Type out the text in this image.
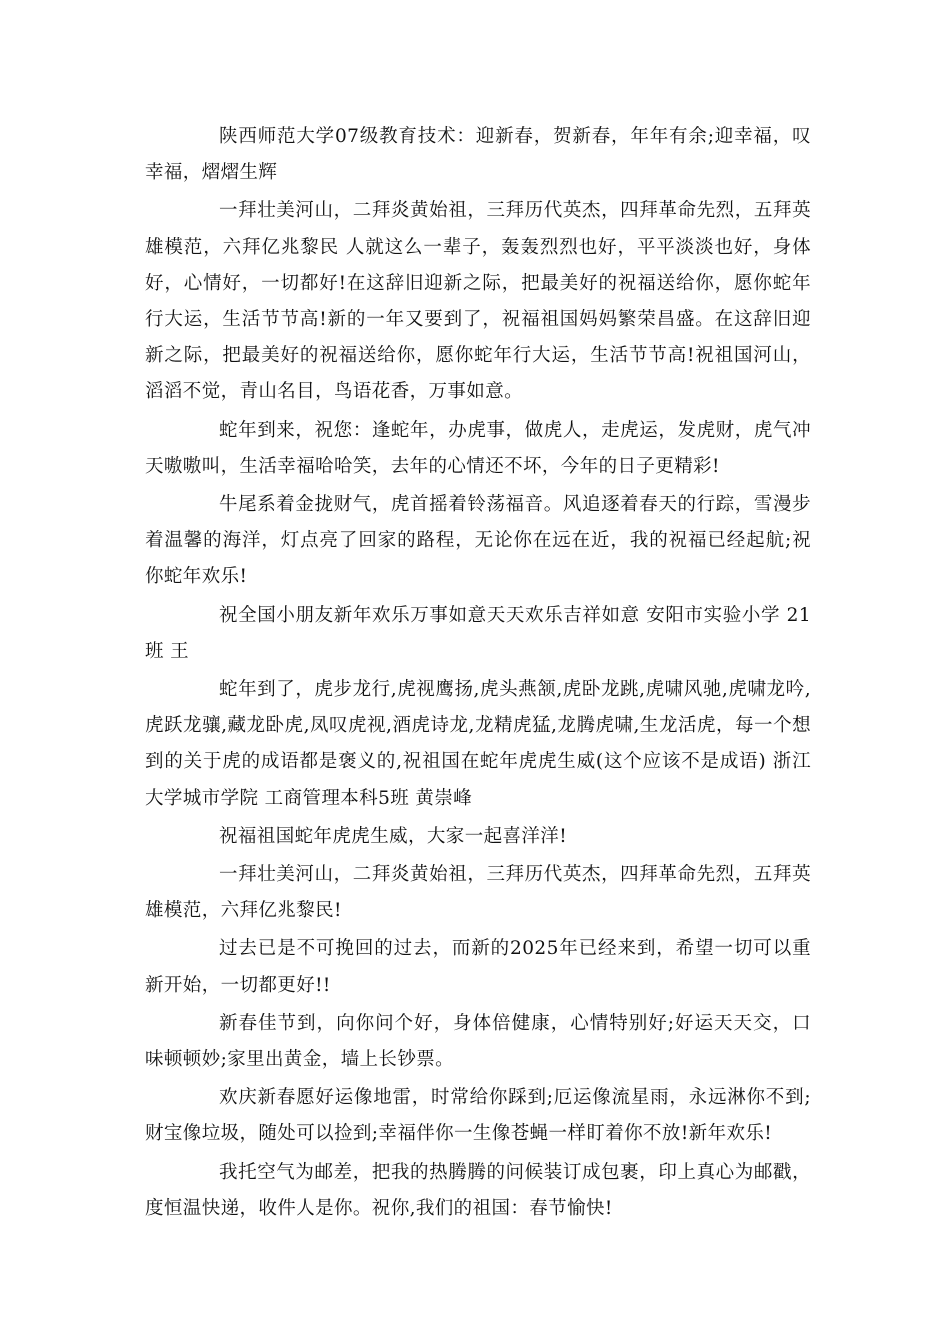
陕西师范大学07级教育技术：迎新春，贺新春，年年有余;迎幸福，叹幸福，熠熠生辉

一拜壮美河山，二拜炎黄始祖，三拜历代英杰，四拜革命先烈，五拜英雄模范，六拜亿兆黎民 人就这么一辈子，轰轰烈烈也好，平平淡淡也好，身体好，心情好，一切都好!在这辞旧迎新之际，把最美好的祝福送给你，愿你蛇年行大运，生活节节高!新的一年又要到了，祝福祖国妈妈繁荣昌盛。在这辞旧迎新之际，把最美好的祝福送给你，愿你蛇年行大运，生活节节高!祝祖国河山，滔滔不觉，青山名目，鸟语花香，万事如意。

蛇年到来，祝您：逢蛇年，办虎事，做虎人，走虎运，发虎财，虎气冲天嗷嗷叫，生活幸福哈哈笑，去年的心情还不坏，今年的日子更精彩!

牛尾系着金拢财气，虎首摇着铃荡福音。风追逐着春天的行踪，雪漫步着温馨的海洋，灯点亮了回家的路程，无论你在远在近，我的祝福已经起航;祝你蛇年欢乐!

祝全国小朋友新年欢乐万事如意天天欢乐吉祥如意 安阳市实验小学 21班 王

蛇年到了，虎步龙行,虎视鹰扬,虎头燕颔,虎卧龙跳,虎啸风驰,虎啸龙吟,虎跃龙骧,藏龙卧虎,凤叹虎视,酒虎诗龙,龙精虎猛,龙腾虎啸,生龙活虎，每一个想到的关于虎的成语都是褒义的,祝祖国在蛇年虎虎生威(这个应该不是成语) 浙江大学城市学院 工商管理本科5班 黄崇峰

祝福祖国蛇年虎虎生威，大家一起喜洋洋!

一拜壮美河山，二拜炎黄始祖，三拜历代英杰，四拜革命先烈，五拜英雄模范，六拜亿兆黎民!

过去已是不可挽回的过去，而新的2025年已经来到，希望一切可以重新开始，一切都更好!!

新春佳节到，向你问个好，身体倍健康，心情特别好;好运天天交，口味顿顿妙;家里出黄金，墙上长钞票。

欢庆新春愿好运像地雷，时常给你踩到;厄运像流星雨，永远淋你不到;财宝像垃圾，随处可以捡到;幸福伴你一生像苍蝇一样盯着你不放!新年欢乐!

我托空气为邮差，把我的热腾腾的问候装订成包裹，印上真心为邮戳，度恒温快递，收件人是你。祝你,我们的祖国：春节愉快!
